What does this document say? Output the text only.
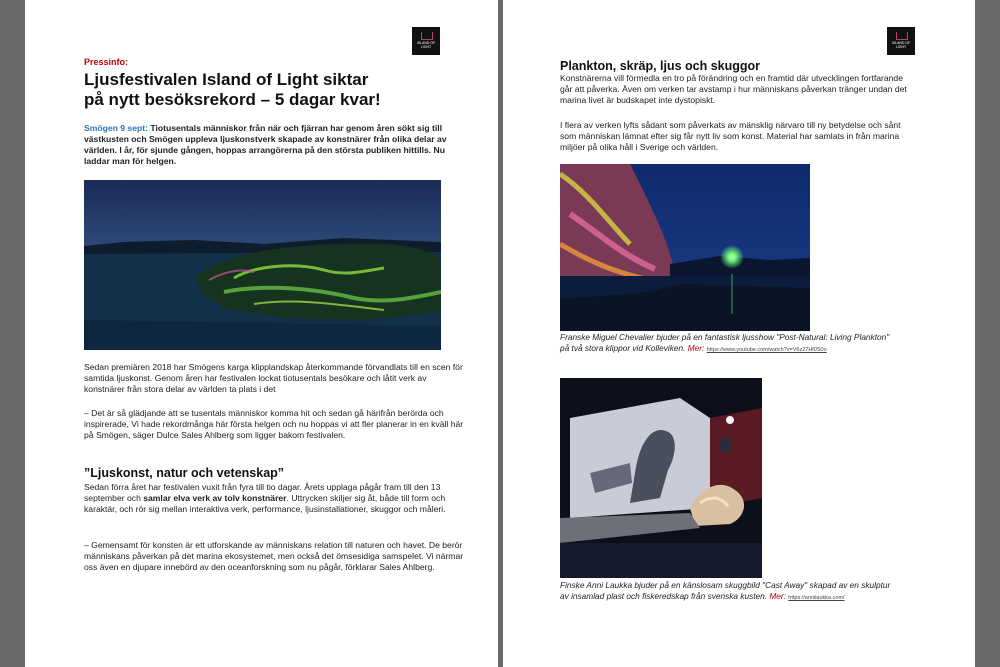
ISLAND OF LIGHT

Pressinfo:

Ljusfestivalen Island of Light siktar
på nytt besöksrekord – 5 dagar kvar!

Smögen 9 sept: Tiotusentals människor från när och fjärran har genom åren sökt sig till västkusten och Smögen uppleva ljuskonstverk skapade av konstnärer från olika delar av världen. I år, för sjunde gången, hoppas arrangörerna på den största publiken hittills. Nu laddar man för helgen.

Sedan premiären 2018 har Smögens karga klipplandskap återkommande förvandlats till en scen för samtida ljuskonst. Genom åren har festivalen lockat tiotusentals besökare och låtit verk av konstnärer från stora delar av världen ta plats i det

– Det är så glädjande att se tusentals människor komma hit och sedan gå härifrån berörda och inspirerade, Vi hade rekordmånga här första helgen och nu hoppas vi att fler planerar in en kväll här på Smögen, säger Dulce Sales Ahlberg som ligger bakom festivalen.

”Ljuskonst, natur och vetenskap”

Sedan förra året har festivalen vuxit från fyra till tio dagar. Årets upplaga pågår fram till den 13 september och samlar elva verk av tolv konstnärer. Uttrycken skiljer sig åt, både till form och karaktär, och rör sig mellan interaktiva verk, performance, ljusinstallationer, skuggor och måleri.

– Gemensamt för konsten är ett utforskande av människans relation till naturen och havet. De berör människans påverkan på det marina ekosystemet, men också det ömsesidiga samspelet. Vi närmar oss även en djupare innebörd av den oceanforskning som nu pågår, förklarar Sales Ahlberg.

ISLAND OF LIGHT

Plankton, skräp, ljus och skuggor

Konstnärerna vill förmedla en tro på förändring och en framtid där utvecklingen fortfarande går att påverka. Även om verken tar avstamp i hur människans påverkan tränger undan det marina livet är budskapet inte dystopiskt.

I flera av verken lyfts sådant som påverkats av mänsklig närvaro till ny betydelse och sånt som människan lämnat efter sig får nytt liv som konst. Material har samlats in från marina miljöer på olika håll i Sverige och världen.

Franske Miguel Chevalier bjuder på en fantastisk ljusshow "Post-Natural: Living Plankton" på två stora klippor vid Kolleviken. Mer: https://www.youtube.com/watch?v=V6z27Hf0S0o

Finske Anni Laukka bjuder på en känslosam skuggbild "Cast Away" skapad av en skulptur av insamlad plast och fiskeredskap från svenska kusten. Mer: https://annilaukka.com/
